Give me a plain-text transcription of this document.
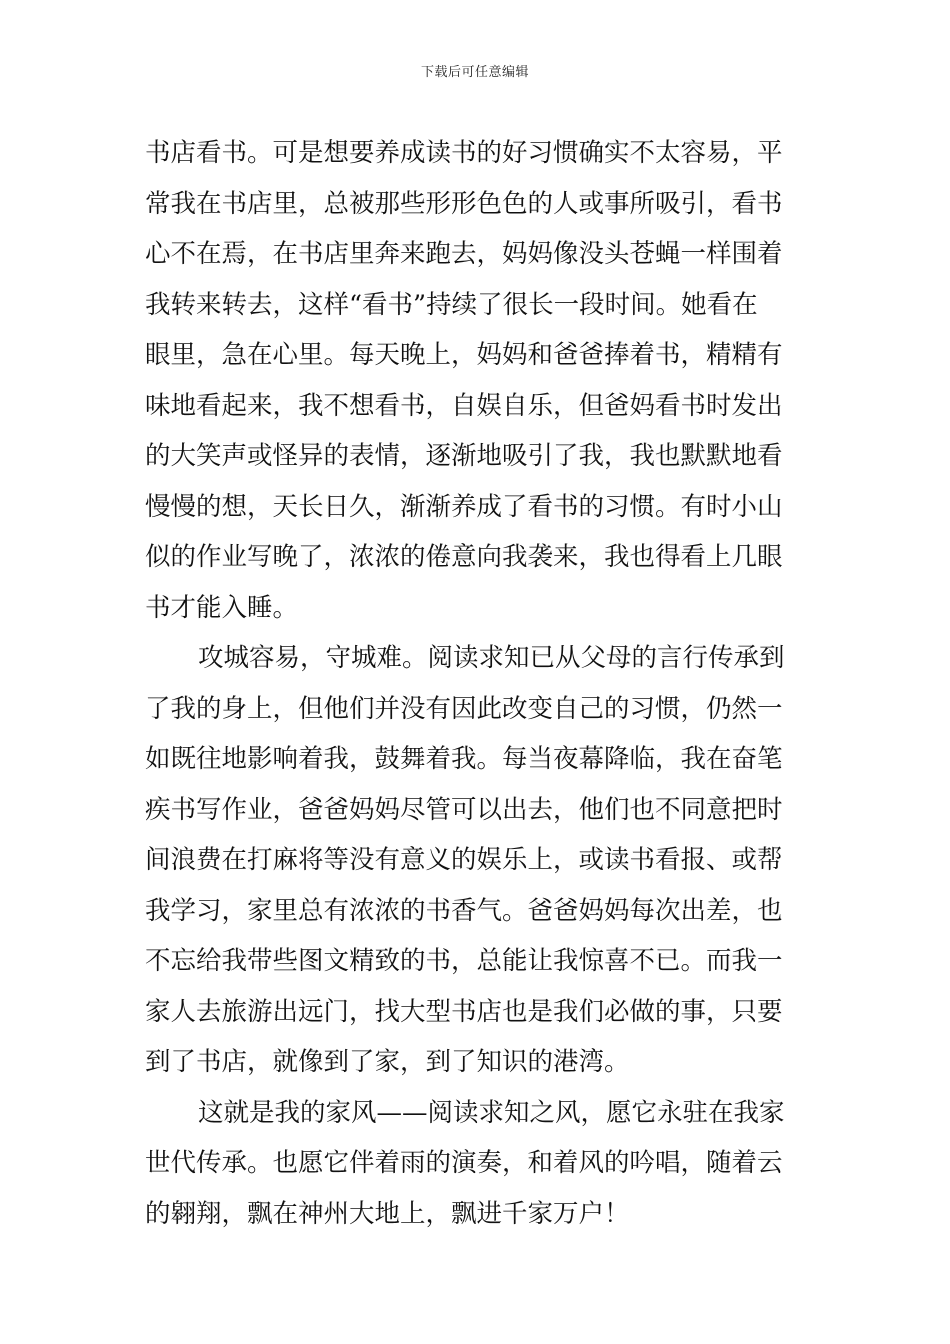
下载后可任意编辑
书店看书。可是想要养成读书的好习惯确实不太容易，平
常我在书店里，总被那些形形色色的人或事所吸引，看书
心不在焉，在书店里奔来跑去，妈妈像没头苍蝇一样围着
我转来转去，这样“看书”持续了很长一段时间。她看在
眼里，急在心里。每天晚上，妈妈和爸爸捧着书，精精有
味地看起来，我不想看书，自娱自乐，但爸妈看书时发出
的大笑声或怪异的表情，逐渐地吸引了我，我也默默地看
慢慢的想，天长日久，渐渐养成了看书的习惯。有时小山
似的作业写晚了，浓浓的倦意向我袭来，我也得看上几眼
书才能入睡。
攻城容易，守城难。阅读求知已从父母的言行传承到
了我的身上，但他们并没有因此改变自己的习惯，仍然一
如既往地影响着我，鼓舞着我。每当夜幕降临，我在奋笔
疾书写作业，爸爸妈妈尽管可以出去，他们也不同意把时
间浪费在打麻将等没有意义的娱乐上，或读书看报、或帮
我学习，家里总有浓浓的书香气。爸爸妈妈每次出差，也
不忘给我带些图文精致的书，总能让我惊喜不已。而我一
家人去旅游出远门，找大型书店也是我们必做的事，只要
到了书店，就像到了家，到了知识的港湾。
这就是我的家风——阅读求知之风，愿它永驻在我家
世代传承。也愿它伴着雨的演奏，和着风的吟唱，随着云
的翱翔，飘在神州大地上，飘进千家万户！
